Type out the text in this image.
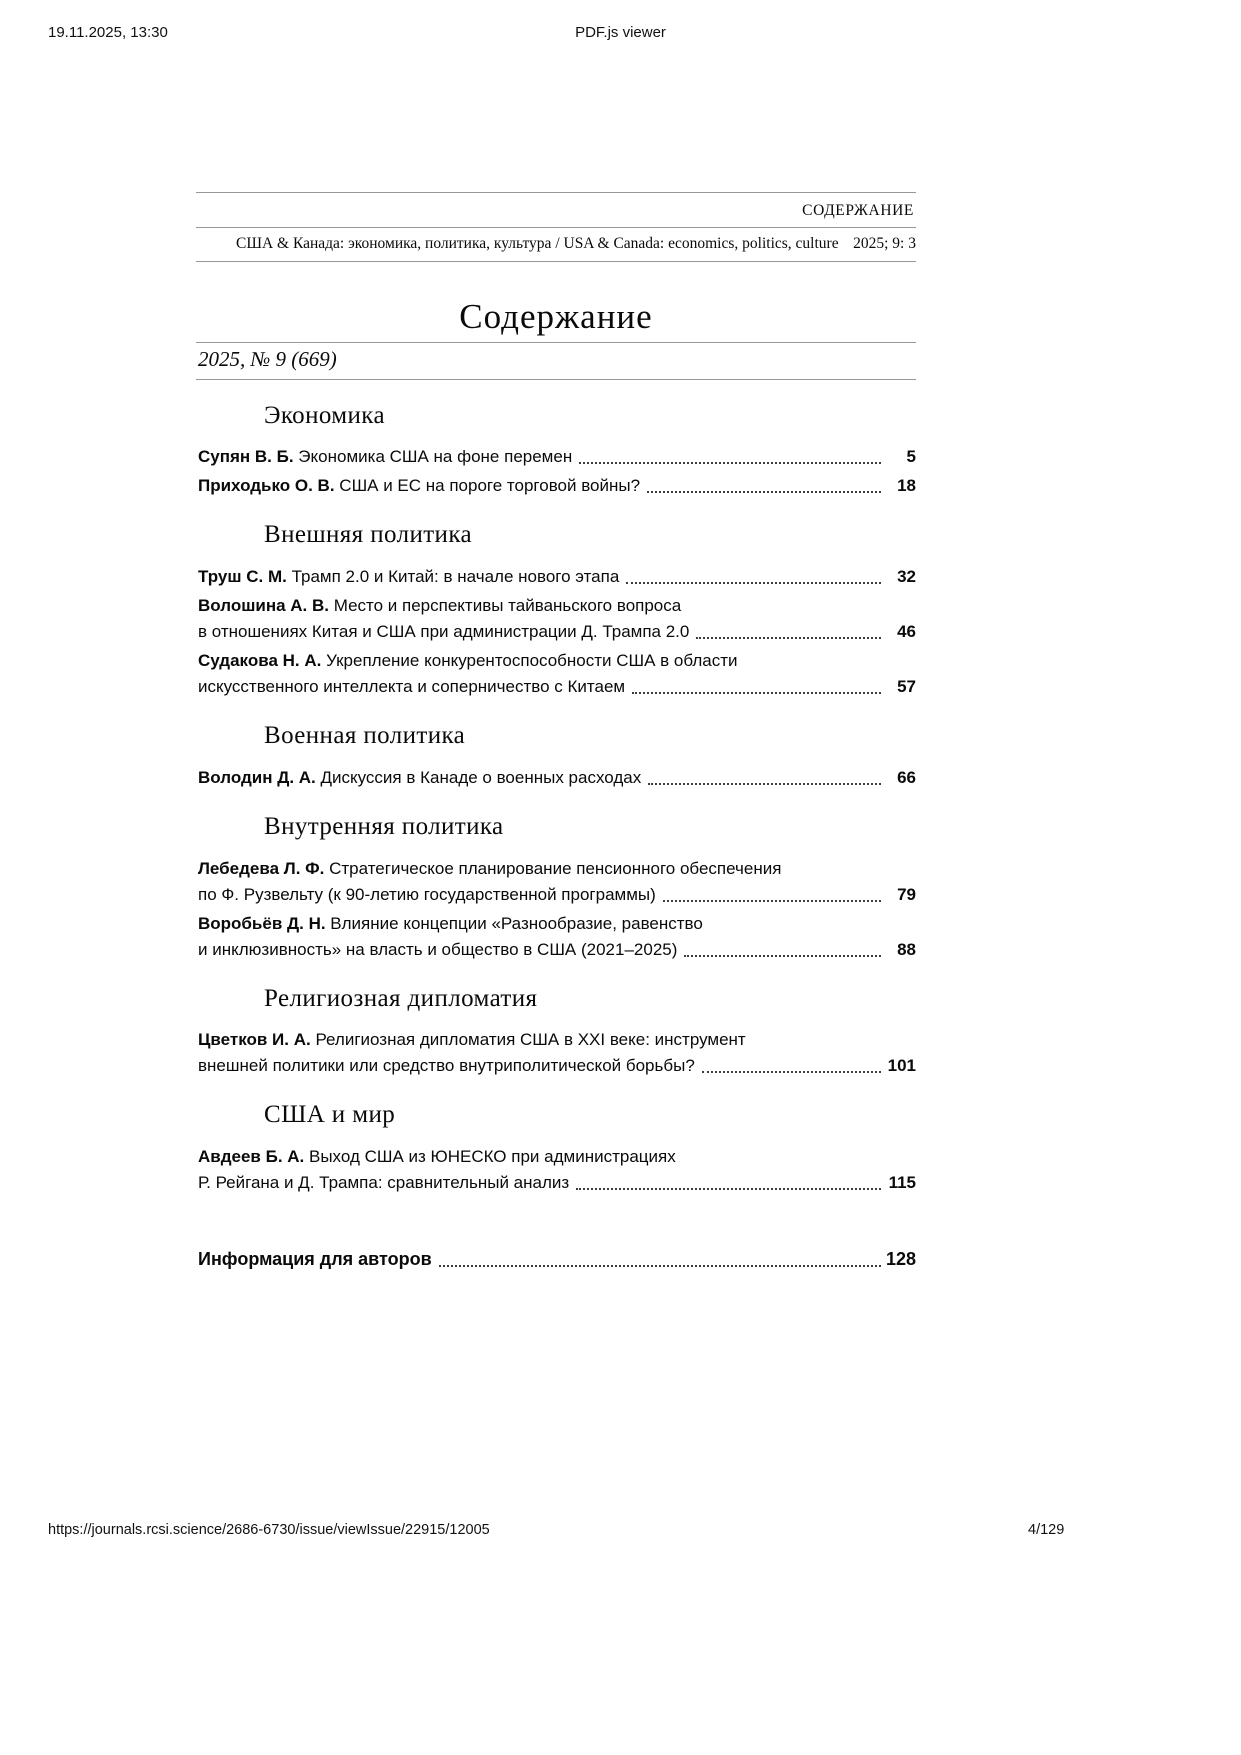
19.11.2025, 13:30	PDF.js viewer
СОДЕРЖАНИЕ
США & Канада: экономика, политика, культура / USA & Canada: economics, politics, culture 2025; 9: 3
Содержание
2025, № 9 (669)
Экономика
Супян В. Б. Экономика США на фоне перемен	5
Приходько О. В. США и ЕС на пороге торговой войны?	18
Внешняя политика
Труш С. М. Трамп 2.0 и Китай: в начале нового этапа	32
Волошина А. В. Место и перспективы тайваньского вопроса
в отношениях Китая и США при администрации Д. Трампа 2.0	46
Судакова Н. А. Укрепление конкурентоспособности США в области
искусственного интеллекта и соперничество с Китаем	57
Военная политика
Володин Д. А. Дискуссия в Канаде о военных расходах	66
Внутренняя политика
Лебедева Л. Ф. Стратегическое планирование пенсионного обеспечения
по Ф. Рузвельту (к 90-летию государственной программы)	79
Воробьёв Д. Н. Влияние концепции «Разнообразие, равенство
и инклюзивность» на власть и общество в США (2021–2025)	88
Религиозная дипломатия
Цветков И. А. Религиозная дипломатия США в XXI веке: инструмент
внешней политики или средство внутриполитической борьбы?	101
США и мир
Авдеев Б. А. Выход США из ЮНЕСКО при администрациях
Р. Рейгана и Д. Трампа: сравнительный анализ	115
Информация для авторов	128
https://journals.rcsi.science/2686-6730/issue/viewIssue/22915/12005	4/129
